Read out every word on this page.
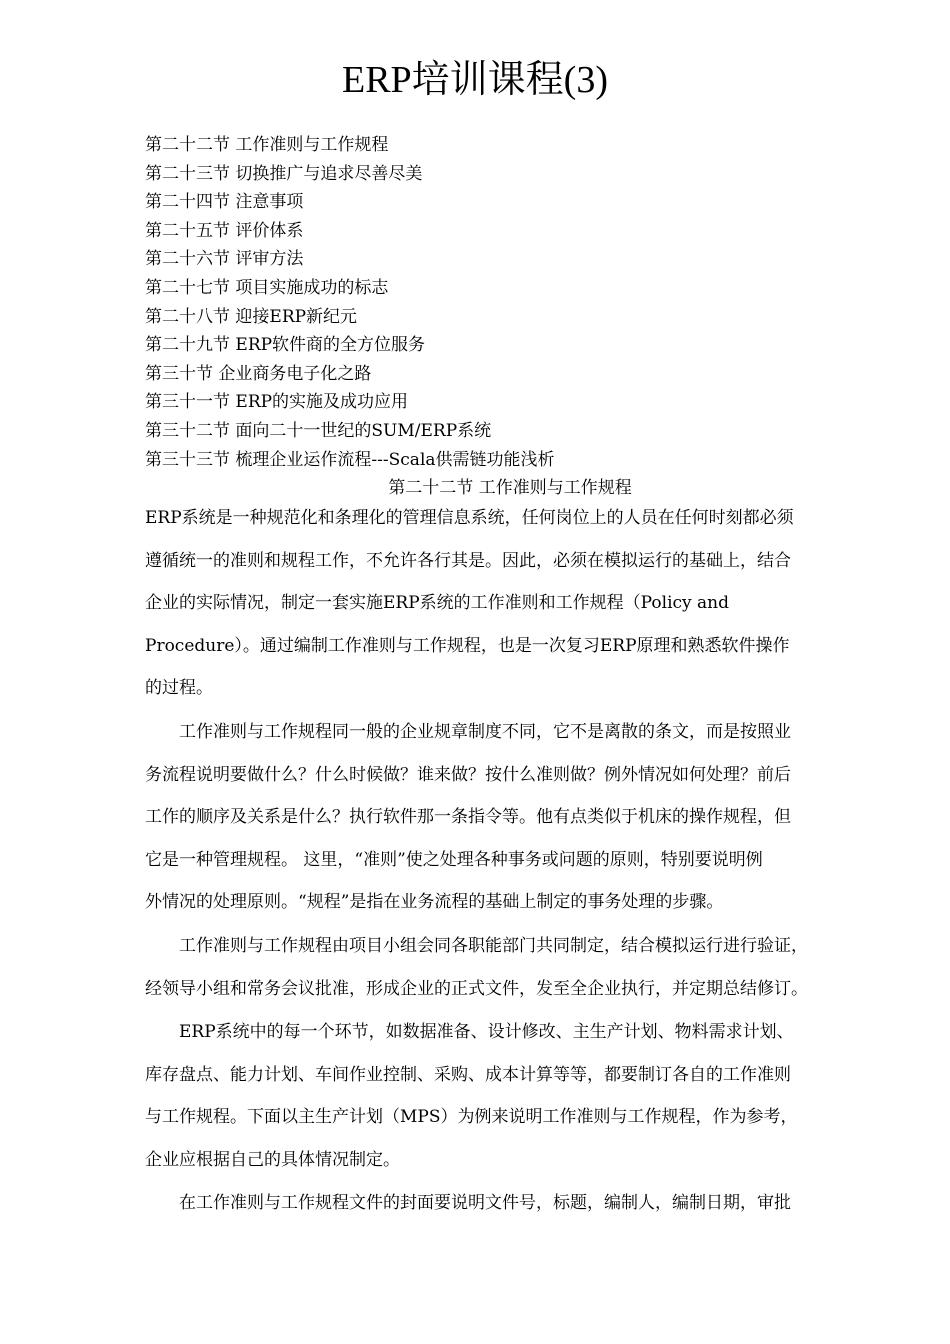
ERP培训课程(3)
第二十二节 工作准则与工作规程
第二十三节 切换推广与追求尽善尽美
第二十四节 注意事项
第二十五节 评价体系
第二十六节 评审方法
第二十七节 项目实施成功的标志
第二十八节 迎接ERP新纪元
第二十九节 ERP软件商的全方位服务
第三十节 企业商务电子化之路
第三十一节 ERP的实施及成功应用
第三十二节 面向二十一世纪的SUM/ERP系统
第三十三节 梳理企业运作流程---Scala供需链功能浅析
第二十二节 工作准则与工作规程
ERP系统是一种规范化和条理化的管理信息系统，任何岗位上的人员在任何时刻都必须
遵循统一的准则和规程工作，不允许各行其是。因此，必须在模拟运行的基础上，结合
企业的实际情况，制定一套实施ERP系统的工作准则和工作规程（Policy and
Procedure）。通过编制工作准则与工作规程，也是一次复习ERP原理和熟悉软件操作
的过程。
　　工作准则与工作规程同一般的企业规章制度不同，它不是离散的条文，而是按照业
务流程说明要做什么？什么时候做？谁来做？按什么准则做？例外情况如何处理？前后
工作的顺序及关系是什么？执行软件那一条指令等。他有点类似于机床的操作规程，但
它是一种管理规程。 这里，“准则”使之处理各种事务或问题的原则，特别要说明例
外情况的处理原则。“规程”是指在业务流程的基础上制定的事务处理的步骤。
　　工作准则与工作规程由项目小组会同各职能部门共同制定，结合模拟运行进行验证，
经领导小组和常务会议批准，形成企业的正式文件，发至全企业执行，并定期总结修订。
　　ERP系统中的每一个环节，如数据准备、设计修改、主生产计划、物料需求计划、
库存盘点、能力计划、车间作业控制、采购、成本计算等等，都要制订各自的工作准则
与工作规程。下面以主生产计划（MPS）为例来说明工作准则与工作规程，作为参考，
企业应根据自己的具体情况制定。
　　在工作准则与工作规程文件的封面要说明文件号，标题，编制人，编制日期，审批
